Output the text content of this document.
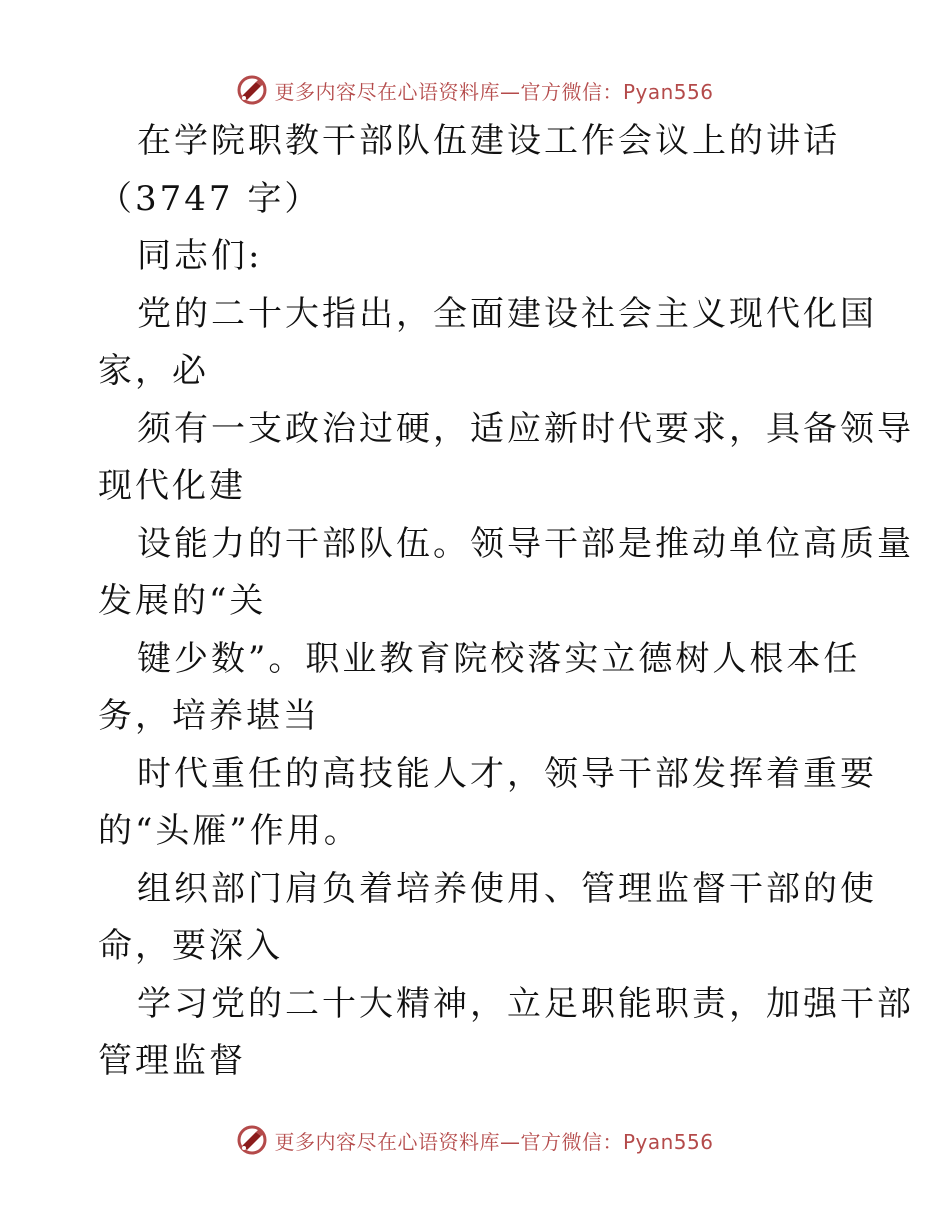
更多内容尽在心语资料库—官方微信：Pyan556
在学院职教干部队伍建设工作会议上的讲话
（3747 字）
同志们:
党的二十大指出，全面建设社会主义现代化国
家，必
须有一支政治过硬，适应新时代要求，具备领导
现代化建
设能力的干部队伍。领导干部是推动单位高质量
发展的“关
键少数”。职业教育院校落实立德树人根本任
务，培养堪当
时代重任的高技能人才，领导干部发挥着重要
的“头雁”作用。
组织部门肩负着培养使用、管理监督干部的使
命，要深入
学习党的二十大精神，立足职能职责，加强干部
管理监督
更多内容尽在心语资料库—官方微信：Pyan556
